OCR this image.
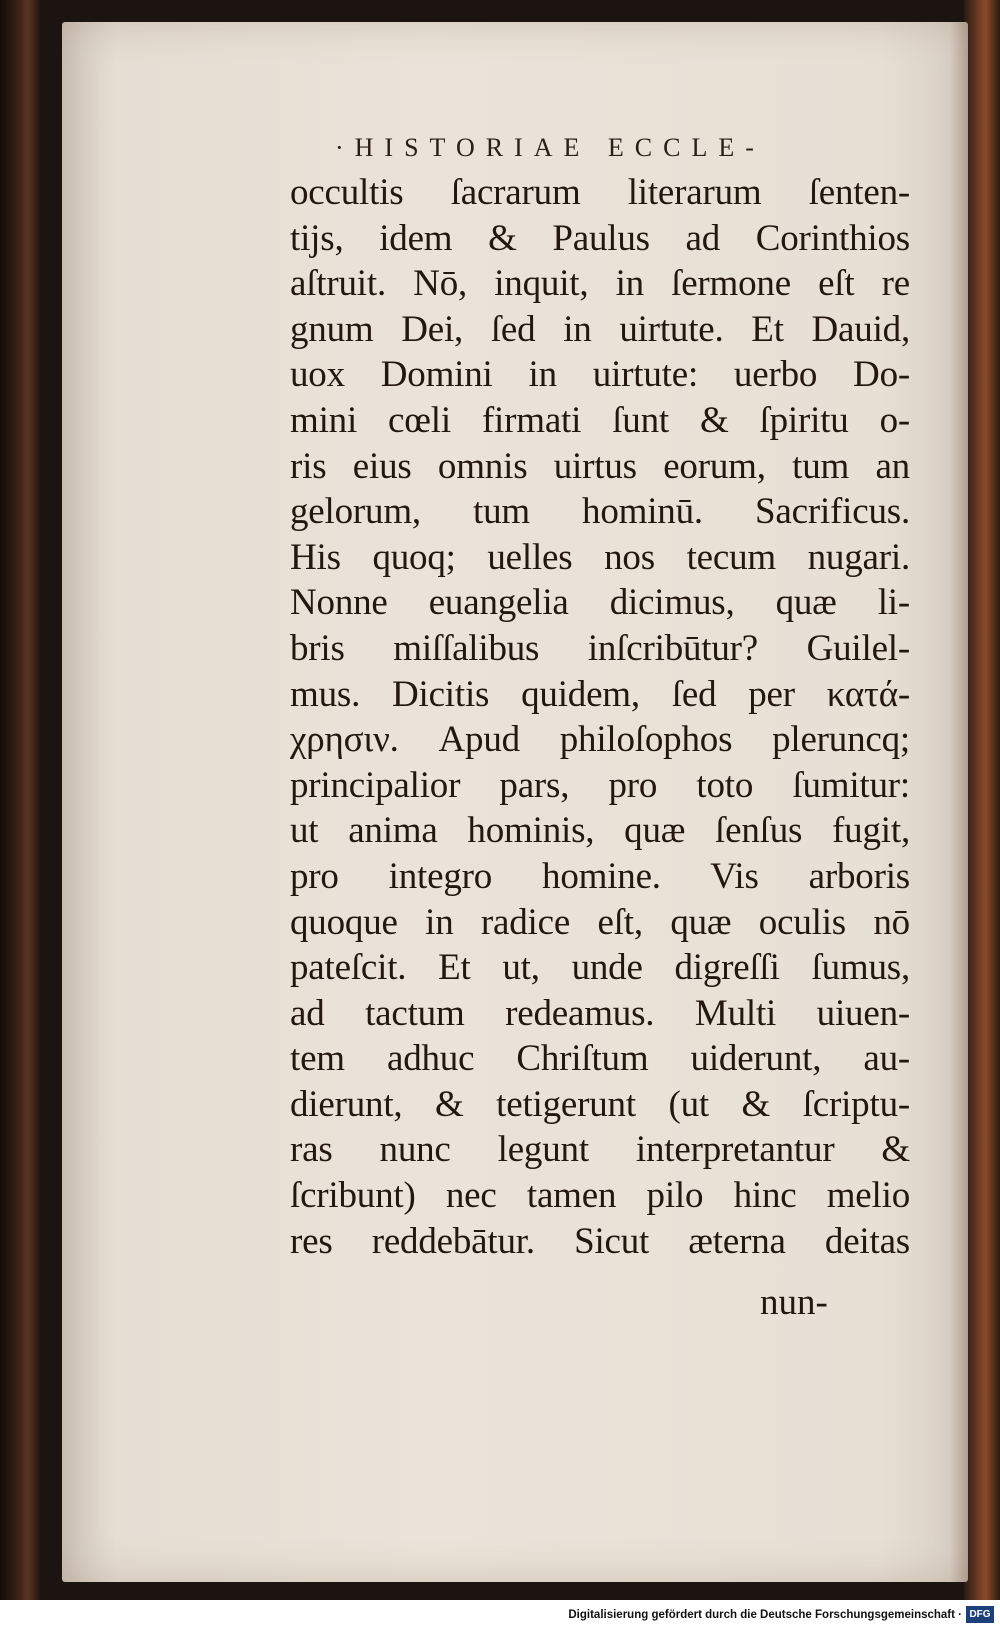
·HISTORIAE ECCLE-
occultis ſacrarum literarum ſenten-
tijs, idem & Paulus ad Corinthios
aſtruit. Nō, inquit, in ſermone eſt re
gnum Dei, ſed in uirtute. Et Dauid,
uox Domini in uirtute: uerbo Do-
mini cœli firmati ſunt & ſpiritu o-
ris eius omnis uirtus eorum, tum an
gelorum, tum hominū. Sacrificus.
His quoq; uelles nos tecum nugari.
Nonne euangelia dicimus, quæ li-
bris miſſalibus inſcribūtur? Guilel-
mus. Dicitis quidem, ſed per κατά-
χρησιν. Apud philoſophos pleruncq;
principalior pars, pro toto ſumitur:
ut anima hominis, quæ ſenſus fugit,
pro integro homine. Vis arboris
quoque in radice eſt, quæ oculis nō
pateſcit. Et ut, unde digreſſi ſumus,
ad tactum redeamus. Multi uiuen-
tem adhuc Chriſtum uiderunt, au-
dierunt, & tetigerunt (ut & ſcriptu-
ras nunc legunt interpretantur &
ſcribunt) nec tamen pilo hinc melio
res reddebātur. Sicut æterna deitas
nun-
Digitalisierung gefördert durch die Deutsche Forschungsgemeinschaft · DFG
